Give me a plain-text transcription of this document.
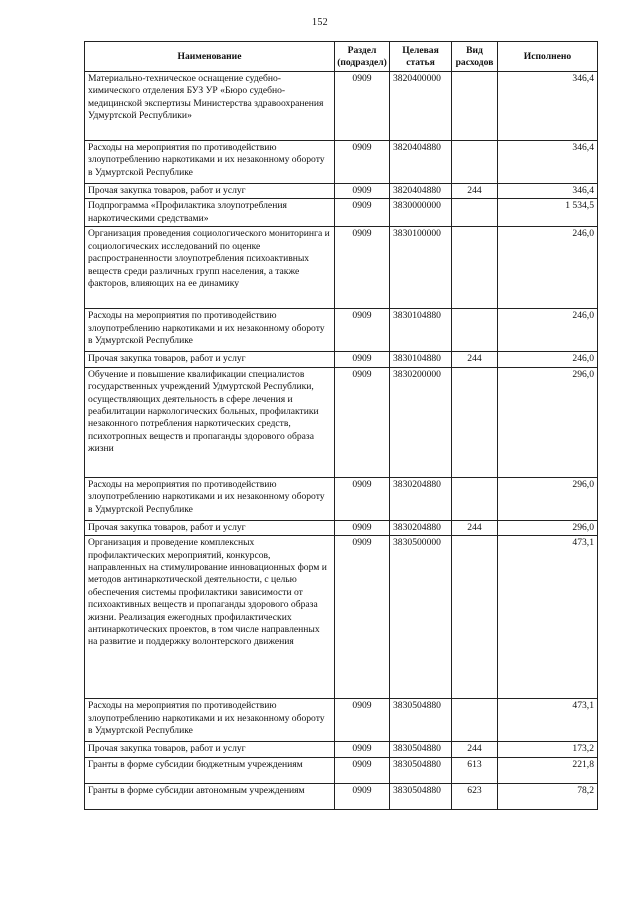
152
Наименование	Раздел (подраздел)	Целевая статья	Вид расходов	Исполнено
Материально-техническое оснащение судебно-химического отделения БУЗ УР «Бюро судебно-медицинской экспертизы Министерства здравоохранения Удмуртской Республики»	0909	3820400000		346,4
Расходы на мероприятия по противодействию злоупотреблению наркотиками и их незаконному обороту в Удмуртской Республике	0909	3820404880		346,4
Прочая закупка товаров, работ и услуг	0909	3820404880	244	346,4
Подпрограмма «Профилактика злоупотребления наркотическими средствами»	0909	3830000000		1 534,5
Организация проведения социологического мониторинга и социологических исследований по оценке распространенности злоупотребления психоактивных веществ среди различных групп населения, а также факторов, влияющих на ее динамику	0909	3830100000		246,0
Расходы на мероприятия по противодействию злоупотреблению наркотиками и их незаконному обороту в Удмуртской Республике	0909	3830104880		246,0
Прочая закупка товаров, работ и услуг	0909	3830104880	244	246,0
Обучение и повышение квалификации специалистов государственных учреждений Удмуртской Республики, осуществляющих деятельность в сфере лечения и реабилитации наркологических больных, профилактики незаконного потребления наркотических средств, психотропных веществ и пропаганды здорового образа жизни	0909	3830200000		296,0
Расходы на мероприятия по противодействию злоупотреблению наркотиками и их незаконному обороту в Удмуртской Республике	0909	3830204880		296,0
Прочая закупка товаров, работ и услуг	0909	3830204880	244	296,0
Организация и проведение комплексных профилактических мероприятий, конкурсов, направленных на стимулирование инновационных форм и методов антинаркотической деятельности, с целью обеспечения системы профилактики зависимости от психоактивных веществ и пропаганды здорового образа жизни. Реализация ежегодных профилактических антинаркотических проектов, в том числе направленных на развитие и поддержку волонтерского движения	0909	3830500000		473,1
Расходы на мероприятия по противодействию злоупотреблению наркотиками и их незаконному обороту в Удмуртской Республике	0909	3830504880		473,1
Прочая закупка товаров, работ и услуг	0909	3830504880	244	173,2
Гранты в форме субсидии бюджетным учреждениям	0909	3830504880	613	221,8
Гранты в форме субсидии автономным учреждениям	0909	3830504880	623	78,2
